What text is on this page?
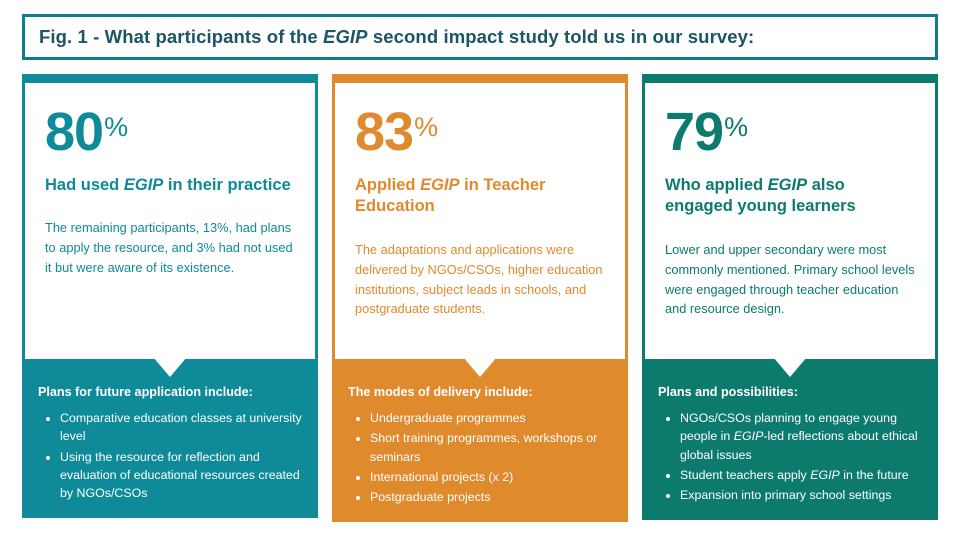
Fig. 1 - What participants of the EGIP second impact study told us in our survey:
80%
Had used EGIP in their practice
The remaining participants, 13%, had plans to apply the resource, and 3% had not used it but were aware of its existence.
Plans for future application include:
• Comparative education classes at university level
• Using the resource for reflection and evaluation of educational resources created by NGOs/CSOs
83%
Applied EGIP in Teacher Education
The adaptations and applications were delivered by NGOs/CSOs, higher education institutions, subject leads in schools, and postgraduate students.
The modes of delivery include:
• Undergraduate programmes
• Short training programmes, workshops or seminars
• International projects (x 2)
• Postgraduate projects
79%
Who applied EGIP also engaged young learners
Lower and upper secondary were most commonly mentioned. Primary school levels were engaged through teacher education and resource design.
Plans and possibilities:
• NGOs/CSOs planning to engage young people in EGIP-led reflections about ethical global issues
• Student teachers apply EGIP in the future
• Expansion into primary school settings
